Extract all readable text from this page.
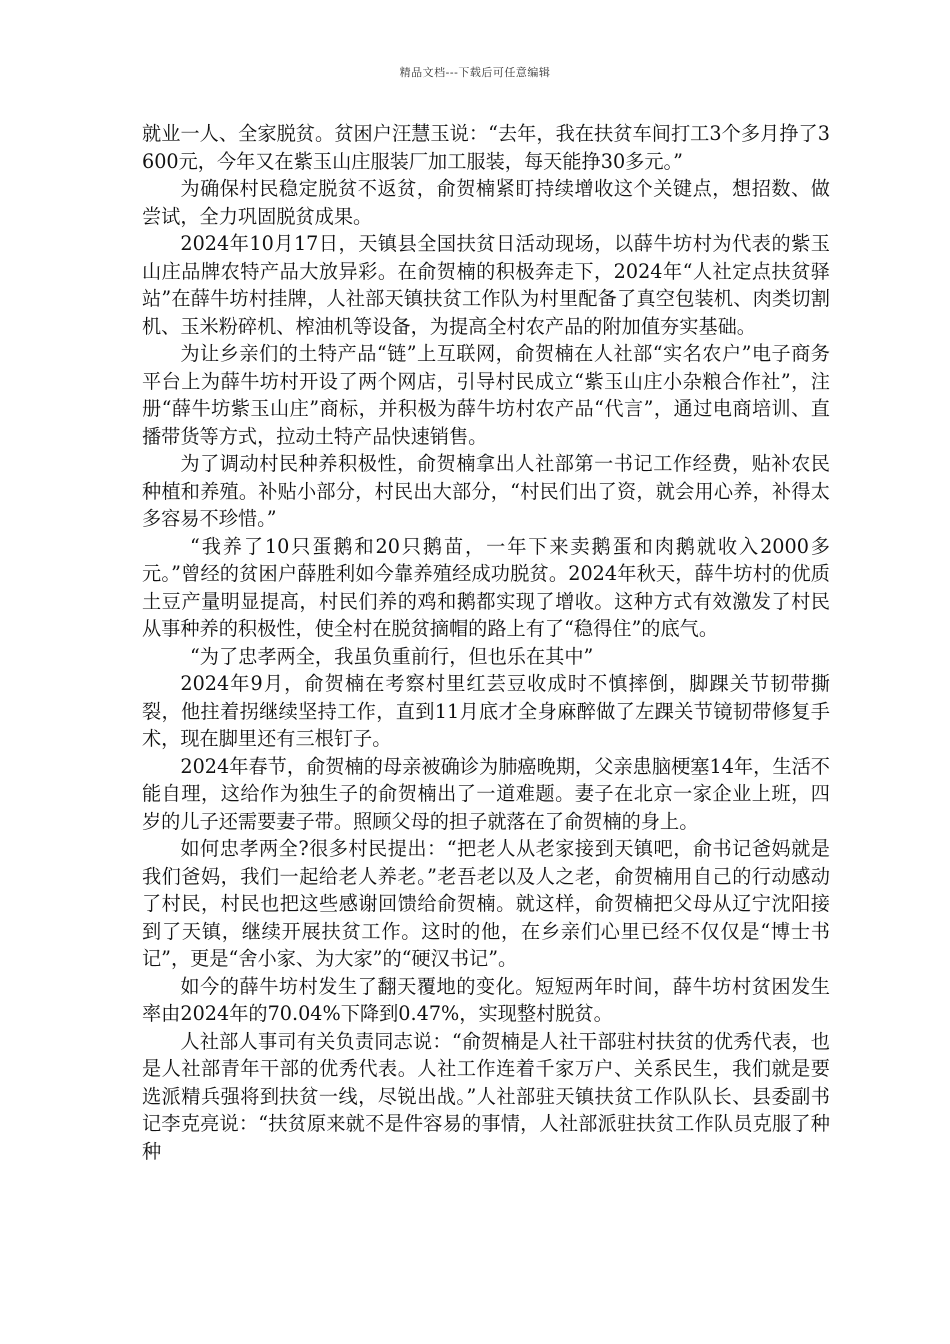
精品文档---下载后可任意编辑

就业一人、全家脱贫。贫困户汪慧玉说：“去年，我在扶贫车间打工3个多月挣了3600元，今年又在紫玉山庄服装厂加工服装，每天能挣30多元。”

为确保村民稳定脱贫不返贫，俞贺楠紧盯持续增收这个关键点，想招数、做尝试，全力巩固脱贫成果。

2024年10月17日，天镇县全国扶贫日活动现场，以薛牛坊村为代表的紫玉山庄品牌农特产品大放异彩。在俞贺楠的积极奔走下，2024年“人社定点扶贫驿站”在薛牛坊村挂牌，人社部天镇扶贫工作队为村里配备了真空包装机、肉类切割机、玉米粉碎机、榨油机等设备，为提高全村农产品的附加值夯实基础。

为让乡亲们的土特产品“链”上互联网，俞贺楠在人社部“实名农户”电子商务平台上为薛牛坊村开设了两个网店，引导村民成立“紫玉山庄小杂粮合作社”，注册“薛牛坊紫玉山庄”商标，并积极为薛牛坊村农产品“代言”，通过电商培训、直播带货等方式，拉动土特产品快速销售。

为了调动村民种养积极性，俞贺楠拿出人社部第一书记工作经费，贴补农民种植和养殖。补贴小部分，村民出大部分，“村民们出了资，就会用心养，补得太多容易不珍惜。”

“我养了10只蛋鹅和20只鹅苗，一年下来卖鹅蛋和肉鹅就收入2000多元。”曾经的贫困户薛胜利如今靠养殖经成功脱贫。2024年秋天，薛牛坊村的优质土豆产量明显提高，村民们养的鸡和鹅都实现了增收。这种方式有效激发了村民从事种养的积极性，使全村在脱贫摘帽的路上有了“稳得住”的底气。

“为了忠孝两全，我虽负重前行，但也乐在其中”

2024年9月，俞贺楠在考察村里红芸豆收成时不慎摔倒，脚踝关节韧带撕裂，他拄着拐继续坚持工作，直到11月底才全身麻醉做了左踝关节镜韧带修复手术，现在脚里还有三根钉子。

2024年春节，俞贺楠的母亲被确诊为肺癌晚期，父亲患脑梗塞14年，生活不能自理，这给作为独生子的俞贺楠出了一道难题。妻子在北京一家企业上班，四岁的儿子还需要妻子带。照顾父母的担子就落在了俞贺楠的身上。

如何忠孝两全?很多村民提出：“把老人从老家接到天镇吧，俞书记爸妈就是我们爸妈，我们一起给老人养老。”老吾老以及人之老，俞贺楠用自己的行动感动了村民，村民也把这些感谢回馈给俞贺楠。就这样，俞贺楠把父母从辽宁沈阳接到了天镇，继续开展扶贫工作。这时的他，在乡亲们心里已经不仅仅是“博士书记”，更是“舍小家、为大家”的“硬汉书记”。

如今的薛牛坊村发生了翻天覆地的变化。短短两年时间，薛牛坊村贫困发生率由2024年的70.04%下降到0.47%，实现整村脱贫。

人社部人事司有关负责同志说：“俞贺楠是人社干部驻村扶贫的优秀代表，也是人社部青年干部的优秀代表。人社工作连着千家万户、关系民生，我们就是要选派精兵强将到扶贫一线，尽锐出战。”人社部驻天镇扶贫工作队队长、县委副书记李克亮说：“扶贫原来就不是件容易的事情，人社部派驻扶贫工作队员克服了种种
